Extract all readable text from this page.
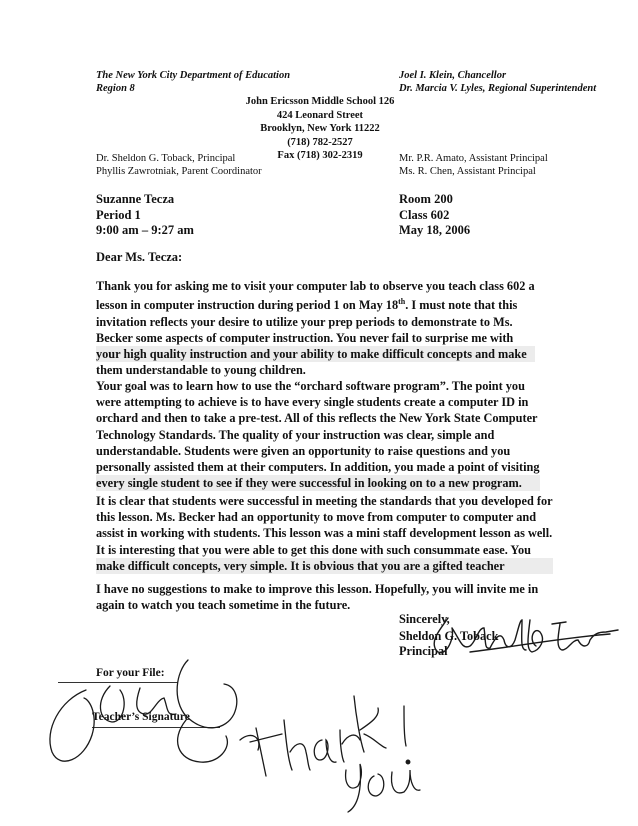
The New York City Department of Education
Region 8
Joel I. Klein, Chancellor
Dr. Marcia V. Lyles, Regional Superintendent
John Ericsson Middle School 126
424 Leonard Street
Brooklyn, New York 11222
(718) 782-2527
Fax (718) 302-2319
Dr. Sheldon G. Toback, Principal
Phyllis Zawrotniak, Parent Coordinator
Mr. P.R. Amato, Assistant Principal
Ms. R. Chen, Assistant Principal
Suzanne Tecza
Period 1
9:00 am – 9:27 am
Room 200
Class 602
May 18, 2006
Dear Ms. Tecza:
Thank you for asking me to visit your computer lab to observe you teach class 602 a
lesson in computer instruction during period 1 on May 18th. I must note that this
invitation reflects your desire to utilize your prep periods to demonstrate to Ms.
Becker some aspects of computer instruction. You never fail to surprise me with
your high quality instruction and your ability to make difficult concepts and make
them understandable to young children.
Your goal was to learn how to use the “orchard software program”. The point you
were attempting to achieve is to have every single students create a computer ID in
orchard and then to take a pre-test. All of this reflects the New York State Computer
Technology Standards. The quality of your instruction was clear, simple and
understandable. Students were given an opportunity to raise questions and you
personally assisted them at their computers. In addition, you made a point of visiting
every single student to see if they were successful in looking on to a new program.
It is clear that students were successful in meeting the standards that you developed for
this lesson. Ms. Becker had an opportunity to move from computer to computer and
assist in working with students. This lesson was a mini staff development lesson as well.
It is interesting that you were able to get this done with such consummate ease. You
make difficult concepts, very simple. It is obvious that you are a gifted teacher
I have no suggestions to make to improve this lesson. Hopefully, you will invite me in
again to watch you teach sometime in the future.
Sincerely,
Sheldon G. Toback
Principal
For your File:
Teacher’s Signature
